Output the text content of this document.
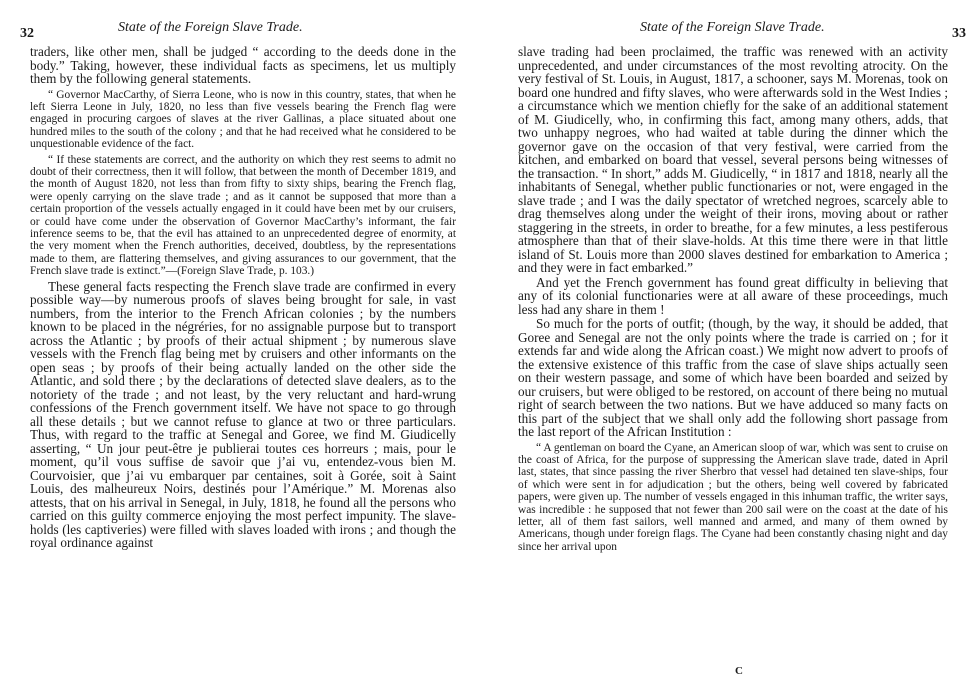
32	State of the Foreign Slave Trade.

traders, like other men, shall be judged “ according to the deeds done in the body.” Taking, however, these individual facts as specimens, let us multiply them by the following general statements.

“ Governor MacCarthy, of Sierra Leone, who is now in this country, states, that when he left Sierra Leone in July, 1820, no less than five vessels bearing the French flag were engaged in procuring cargoes of slaves at the river Gallinas, a place situated about one hundred miles to the south of the colony ; and that he had received what he considered to be unquestionable evidence of the fact.

“ If these statements are correct, and the authority on which they rest seems to admit no doubt of their correctness, then it will follow, that between the month of December 1819, and the month of August 1820, not less than from fifty to sixty ships, bearing the French flag, were openly carrying on the slave trade ; and as it cannot be supposed that more than a certain proportion of the vessels actually engaged in it could have been met by our cruisers, or could have come under the observation of Governor MacCarthy’s informant, the fair inference seems to be, that the evil has attained to an unprecedented degree of enormity, at the very moment when the French authorities, deceived, doubtless, by the representations made to them, are flattering themselves, and giving assurances to our government, that the French slave trade is extinct.”—(Foreign Slave Trade, p. 103.)

These general facts respecting the French slave trade are confirmed in every possible way—by numerous proofs of slaves being brought for sale, in vast numbers, from the interior to the French African colonies ; by the numbers known to be placed in the négréries, for no assignable purpose but to transport across the Atlantic ; by proofs of their actual shipment ; by numerous slave vessels with the French flag being met by cruisers and other informants on the open seas ; by proofs of their being actually landed on the other side the Atlantic, and sold there ; by the declarations of detected slave dealers, as to the notoriety of the trade ; and not least, by the very reluctant and hard-wrung confessions of the French government itself. We have not space to go through all these details ; but we cannot refuse to glance at two or three particulars. Thus, with regard to the traffic at Senegal and Goree, we find M. Giudicelly asserting, “ Un jour peut-être je publierai toutes ces horreurs ; mais, pour le moment, qu’il vous suffise de savoir que j’ai vu, entendez-vous bien M. Courvoisier, que j’ai vu embarquer par centaines, soit à Gorée, soit à Saint Louis, des malheureux Noirs, destinés pour l’Amérique.” M. Morenas also attests, that on his arrival in Senegal, in July, 1818, he found all the persons who carried on this guilty commerce enjoying the most perfect impunity. The slave-holds (les captiveries) were filled with slaves loaded with irons ; and though the royal ordinance against

State of the Foreign Slave Trade.	33

slave trading had been proclaimed, the traffic was renewed with an activity unprecedented, and under circumstances of the most revolting atrocity. On the very festival of St. Louis, in August, 1817, a schooner, says M. Morenas, took on board one hundred and fifty slaves, who were afterwards sold in the West Indies ; a circumstance which we mention chiefly for the sake of an additional statement of M. Giudicelly, who, in confirming this fact, among many others, adds, that two unhappy negroes, who had waited at table during the dinner which the governor gave on the occasion of that very festival, were carried from the kitchen, and embarked on board that vessel, several persons being witnesses of the transaction. “ In short,” adds M. Giudicelly, “ in 1817 and 1818, nearly all the inhabitants of Senegal, whether public functionaries or not, were engaged in the slave trade ; and I was the daily spectator of wretched negroes, scarcely able to drag themselves along under the weight of their irons, moving about or rather staggering in the streets, in order to breathe, for a few minutes, a less pestiferous atmosphere than that of their slave-holds. At this time there were in that little island of St. Louis more than 2000 slaves destined for embarkation to America ; and they were in fact embarked.”

And yet the French government has found great difficulty in believing that any of its colonial functionaries were at all aware of these proceedings, much less had any share in them !

So much for the ports of outfit; (though, by the way, it should be added, that Goree and Senegal are not the only points where the trade is carried on ; for it extends far and wide along the African coast.) We might now advert to proofs of the extensive existence of this traffic from the case of slave ships actually seen on their western passage, and some of which have been boarded and seized by our cruisers, but were obliged to be restored, on account of there being no mutual right of search between the two nations. But we have adduced so many facts on this part of the subject that we shall only add the following short passage from the last report of the African Institution :

“ A gentleman on board the Cyane, an American sloop of war, which was sent to cruise on the coast of Africa, for the purpose of suppressing the American slave trade, dated in April last, states, that since passing the river Sherbro that vessel had detained ten slave-ships, four of which were sent in for adjudication ; but the others, being well covered by fabricated papers, were given up. The number of vessels engaged in this inhuman traffic, the writer says, was incredible : he supposed that not fewer than 200 sail were on the coast at the date of his letter, all of them fast sailors, well manned and armed, and many of them owned by Americans, though under foreign flags. The Cyane had been constantly chasing night and day since her arrival upon

C
